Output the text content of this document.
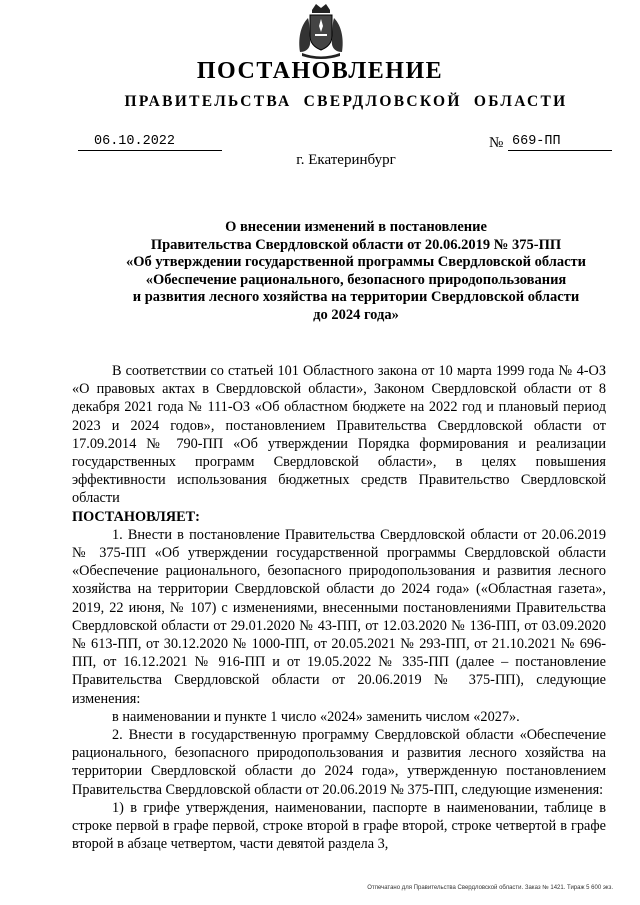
ПОСТАНОВЛЕНИЕ
ПРАВИТЕЛЬСТВА СВЕРДЛОВСКОЙ ОБЛАСТИ
06.10.2022	№ 669-ПП
г. Екатеринбург
О внесении изменений в постановление
Правительства Свердловской области от 20.06.2019 № 375-ПП
«Об утверждении государственной программы Свердловской области
«Обеспечение рационального, безопасного природопользования
и развития лесного хозяйства на территории Свердловской области
до 2024 года»

В соответствии со статьей 101 Областного закона от 10 марта 1999 года № 4-ОЗ «О правовых актах в Свердловской области», Законом Свердловской области от 8 декабря 2021 года № 111-ОЗ «Об областном бюджете на 2022 год и плановый период 2023 и 2024 годов», постановлением Правительства Свердловской области от 17.09.2014 № 790-ПП «Об утверждении Порядка формирования и реализации государственных программ Свердловской области», в целях повышения эффективности использования бюджетных средств Правительство Свердловской области

ПОСТАНОВЛЯЕТ:

1. Внести в постановление Правительства Свердловской области от 20.06.2019 № 375-ПП «Об утверждении государственной программы Свердловской области «Обеспечение рационального, безопасного природопользования и развития лесного хозяйства на территории Свердловской области до 2024 года» («Областная газета», 2019, 22 июня, № 107) с изменениями, внесенными постановлениями Правительства Свердловской области от 29.01.2020 № 43-ПП, от 12.03.2020 № 136-ПП, от 03.09.2020 № 613-ПП, от 30.12.2020 № 1000-ПП, от 20.05.2021 № 293-ПП, от 21.10.2021 № 696-ПП, от 16.12.2021 № 916-ПП и от 19.05.2022 № 335-ПП (далее – постановление Правительства Свердловской области от 20.06.2019 № 375-ПП), следующие изменения:

в наименовании и пункте 1 число «2024» заменить числом «2027».

2. Внести в государственную программу Свердловской области «Обеспечение рационального, безопасного природопользования и развития лесного хозяйства на территории Свердловской области до 2024 года», утвержденную постановлением Правительства Свердловской области от 20.06.2019 № 375-ПП, следующие изменения:

1) в грифе утверждения, наименовании, паспорте в наименовании, таблице в строке первой в графе первой, строке второй в графе второй, строке четвертой в графе второй в абзаце четвертом, части девятой раздела 3,

Отпечатано для Правительства Свердловской области. Заказ № 1421. Тираж 5 600 экз.
